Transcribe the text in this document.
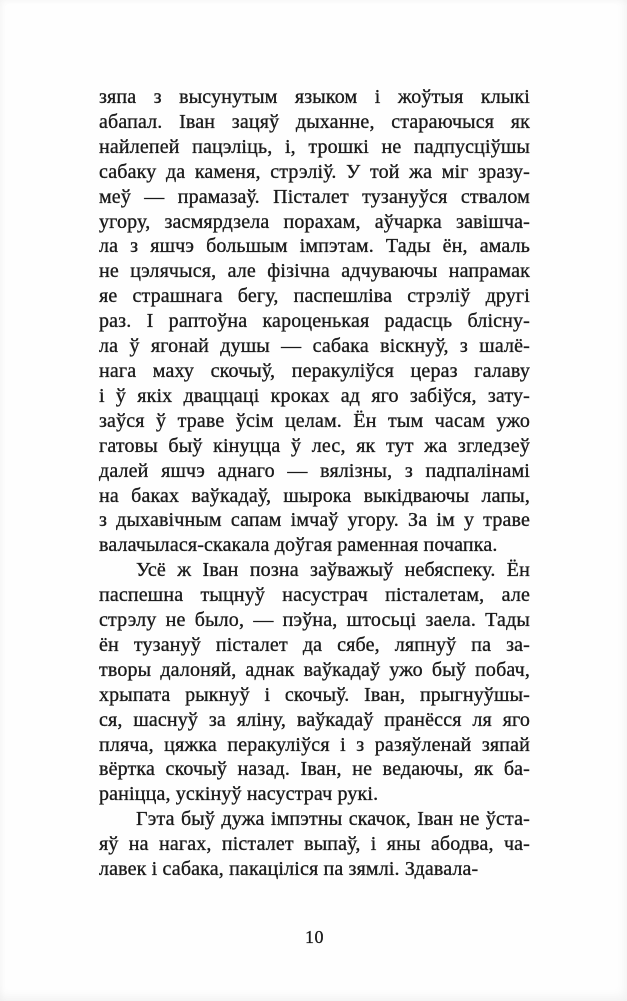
зяпа з высунутым языком і жоўтыя клыкі
абапал. Іван зацяў дыханне, стараючыся як
найлепей пацэліць, і, трошкі не падпусціўшы
сабаку да каменя, стрэліў. У той жа міг зразу-
меў — прамазаў. Пісталет тузануўся ствалом
угору, засмярдзела порахам, аўчарка завішча-
ла з яшчэ большым імпэтам. Тады ён, амаль
не цэлячыся, але фізічна адчуваючы напрамак
яе страшнага бегу, паспешліва стрэліў другі
раз. І раптоўна кароценькая радасць блісну-
ла ў ягонай душы — сабака віскнуў, з шалё-
нага маху скочыў, перакуліўся цераз галаву
і ў якіх дваццаці кроках ад яго забіўся, зату-
заўся ў траве ўсім целам. Ён тым часам ужо
гатовы быў кінуцца ў лес, як тут жа згледзеў
далей яшчэ аднаго — вялізны, з падпалінамі
на баках ваўкадаў, шырока выкідваючы лапы,
з дыхавічным сапам імчаў угору. За ім у траве
валачылася-скакала доўгая раменная почапка.
Усё ж Іван позна заўважыў небяспеку. Ён
паспешна тыцнуў насустрач пісталетам, але
стрэлу не было, — пэўна, штосьці заела. Тады
ён тузануў пісталет да сябе, ляпнуў па за-
творы далоняй, аднак ваўкадаў ужо быў побач,
хрыпата рыкнуў і скочыў. Іван, прыгнуўшы-
ся, шаснуў за яліну, ваўкадаў пранёсся ля яго
пляча, цяжка перакуліўся і з разяўленай зяпай
вёртка скочыў назад. Іван, не ведаючы, як ба-
раніцца, ускінуў насустрач рукі.
Гэта быў дужа імпэтны скачок, Іван не ўста-
яў на нагах, пісталет выпаў, і яны абодва, ча-
лавек і сабака, пакаціліся па зямлі. Здавала-
10
